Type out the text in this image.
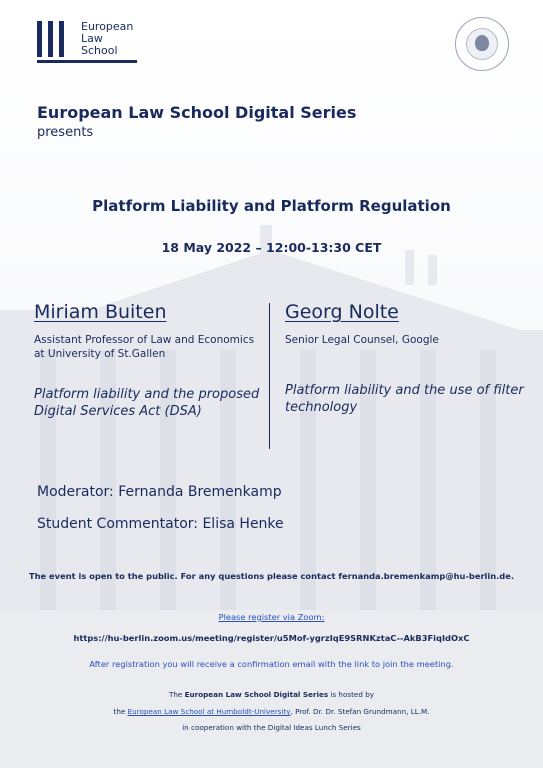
European
Law
School
European Law School Digital Series
presents
Platform Liability and Platform Regulation
18 May 2022 – 12:00-13:30 CET
Miriam Buiten
Assistant Professor of Law and Economics
at University of St.Gallen
Platform liability and the proposed
Digital Services Act (DSA)
Georg Nolte
Senior Legal Counsel, Google
Platform liability and the use of filter
technology
Moderator: Fernanda Bremenkamp
Student Commentator: Elisa Henke
The event is open to the public. For any questions please contact fernanda.bremenkamp@hu-berlin.de.
Please register via Zoom:
https://hu-berlin.zoom.us/meeting/register/u5Mof-ygrzIqE9SRNKztaC--AkB3FiqIdOxC
After registration you will receive a confirmation email with the link to join the meeting.
The European Law School Digital Series is hosted by
the European Law School at Humboldt-University, Prof. Dr. Dr. Stefan Grundmann, LL.M.
in cooperation with the Digital Ideas Lunch Series
